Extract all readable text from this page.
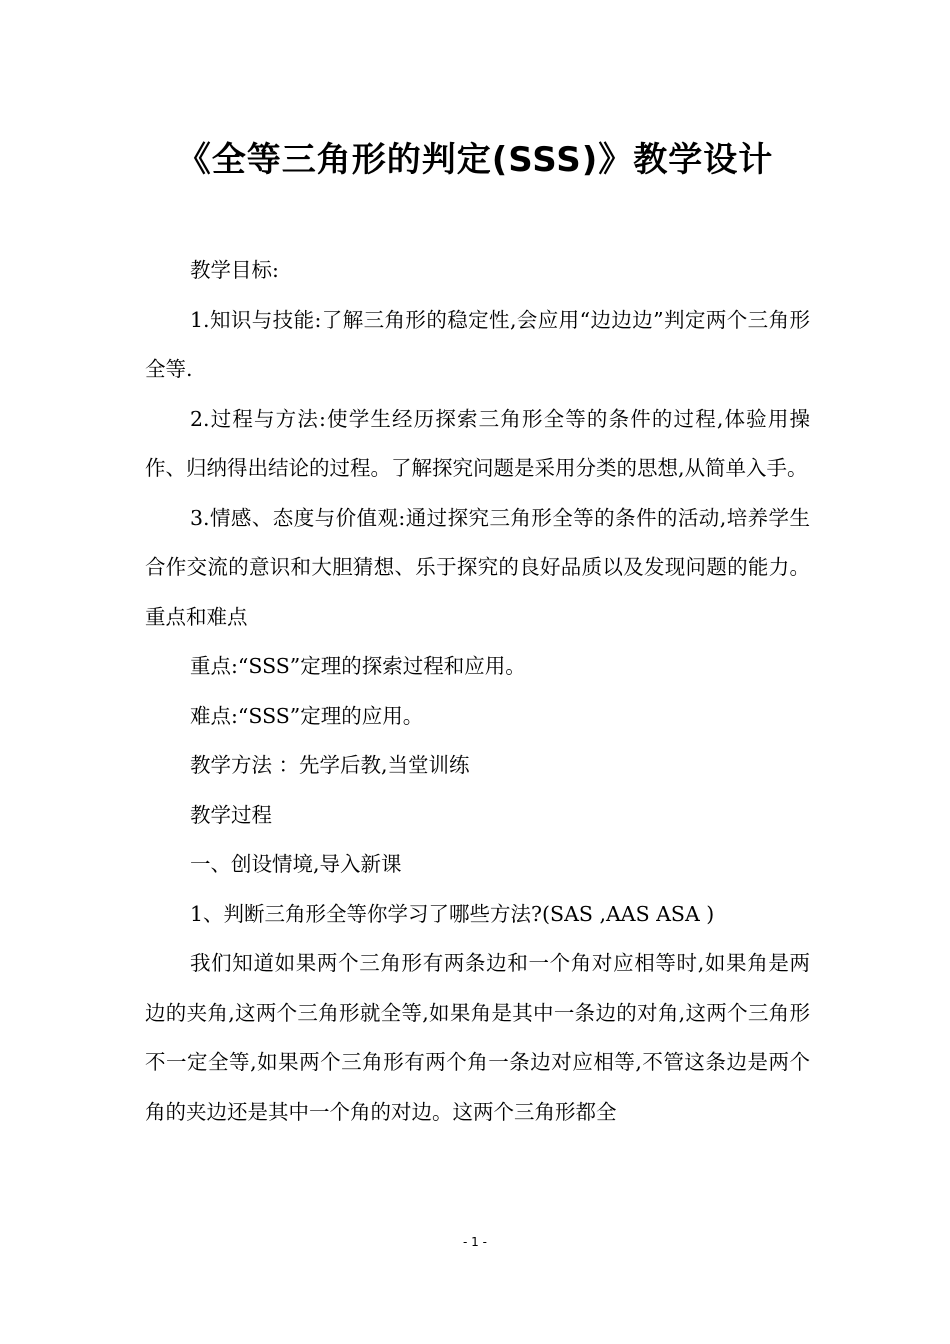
《全等三角形的判定(SSS)》教学设计

教学目标:

1.知识与技能:了解三角形的稳定性,会应用“边边边”判定两个三角形全等.

2.过程与方法:使学生经历探索三角形全等的条件的过程,体验用操作、归纳得出结论的过程。了解探究问题是采用分类的思想,从简单入手。

3.情感、态度与价值观:通过探究三角形全等的条件的活动,培养学生合作交流的意识和大胆猜想、乐于探究的良好品质以及发现问题的能力。重点和难点

重点:“SSS”定理的探索过程和应用。

难点:“SSS”定理的应用。

教学方法 ：先学后教,当堂训练

教学过程

一、创设情境,导入新课

1、判断三角形全等你学习了哪些方法?(SAS ,AAS ASA )

我们知道如果两个三角形有两条边和一个角对应相等时,如果角是两边的夹角,这两个三角形就全等,如果角是其中一条边的对角,这两个三角形不一定全等,如果两个三角形有两个角一条边对应相等,不管这条边是两个角的夹边还是其中一个角的对边。这两个三角形都全

- 1 -
